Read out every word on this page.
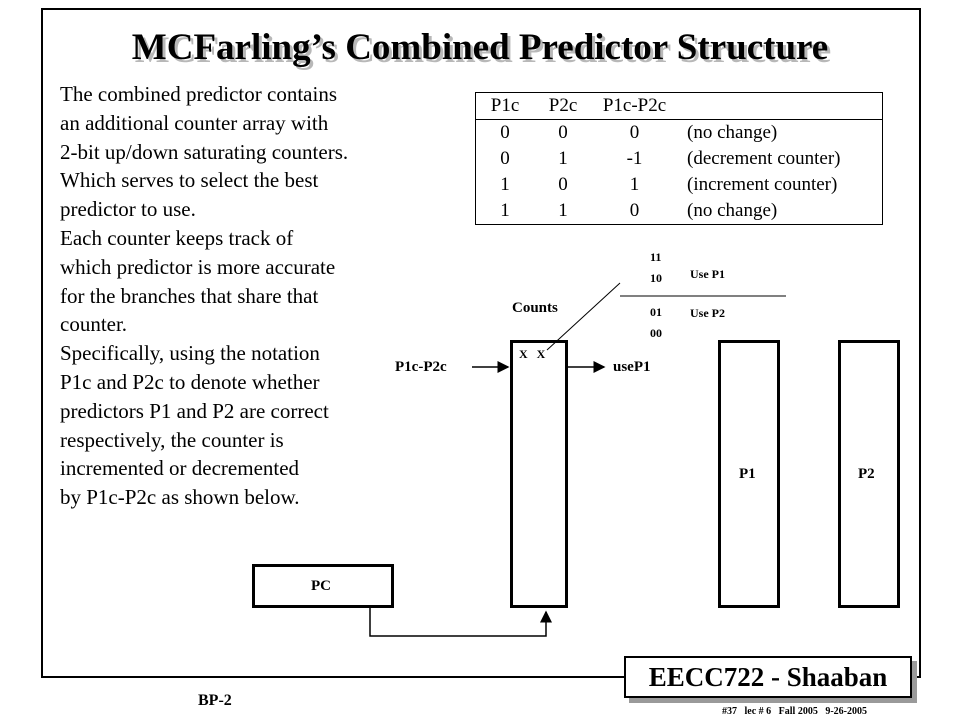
MCFarling’s Combined Predictor Structure
The combined predictor contains
an additional counter array with
2-bit up/down saturating counters.
Which serves to select the best
predictor to use.
Each counter keeps track of
which predictor is more accurate
for the branches that share that
counter.
Specifically, using the notation
P1c and P2c to denote whether
predictors P1 and P2 are correct
respectively, the counter is
incremented or decremented
by P1c-P2c as shown below.
P1c	P2c	P1c-P2c	
0	0	0	(no change)
0	1	-1	(decrement counter)
1	0	1	(increment counter)
1	1	0	(no change)
Counts
11
10
01
00
Use P1
Use P2
P1c-P2c	useP1
X   X
PC
P1	P2
EECC722 - Shaaban
BP-2
#37   lec # 6   Fall 2005   9-26-2005
